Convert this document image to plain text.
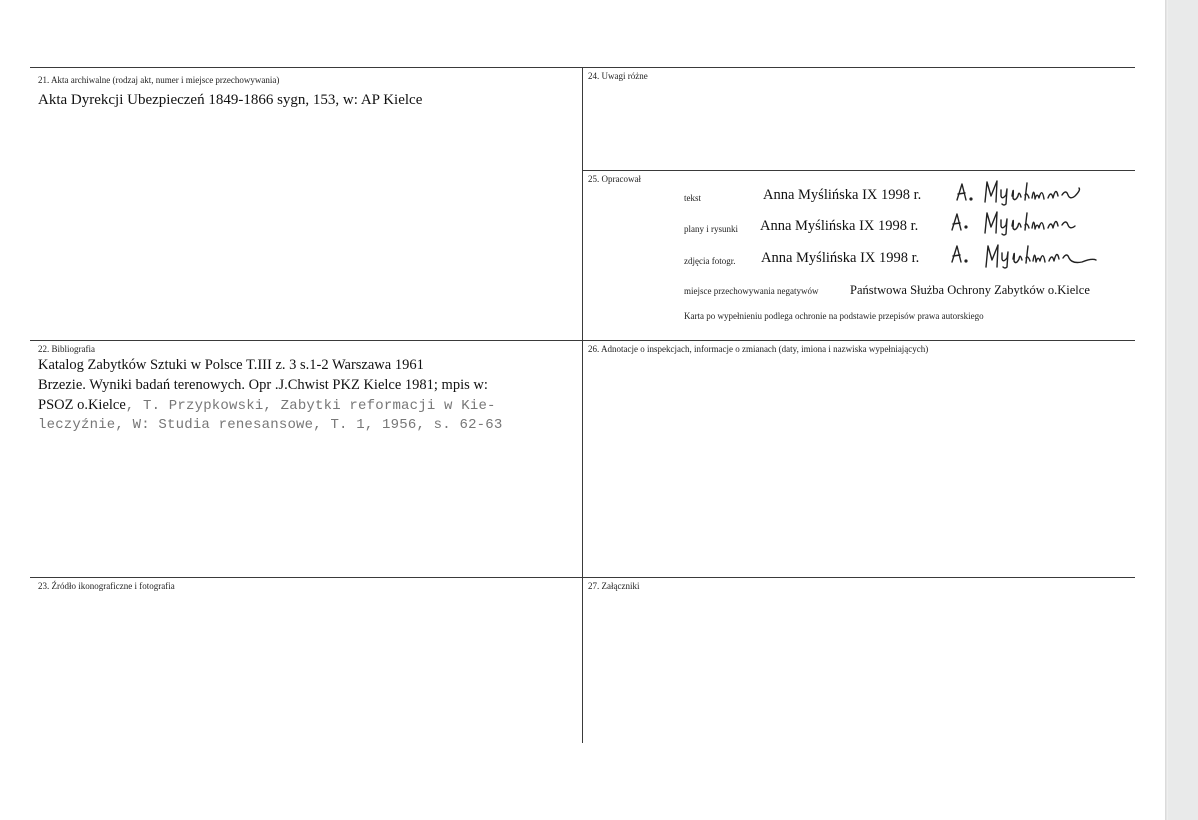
21. Akta archiwalne (rodzaj akt, numer i miejsce przechowywania)
Akta Dyrekcji Ubezpieczeń 1849-1866 sygn, 153, w: AP Kielce
24. Uwagi różne
25. Opracował
tekst	Anna Myślińska IX 1998 r.
plany i rysunki Anna Myślińska IX 1998 r.
zdjęcia fotogr. Anna Myślińska IX 1998 r.
miejsce przechowywania negatywów	Państwowa Służba Ochrony Zabytków o.Kielce
Karta po wypełnieniu podlega ochronie na podstawie przepisów prawa autorskiego
22. Bibliografia
Katalog Zabytków Sztuki w Polsce T.III z. 3 s.1-2 Warszawa 1961
Brzezie. Wyniki badań terenowych. Opr .J.Chwist PKZ Kielce 1981; mpis w:
PSOZ o.Kielce, T. Przypkowski, Zabytki reformacji w Kie-
leczyźnie, W: Studia renesansowe, T. 1, 1956, s. 62-63
26. Adnotacje o inspekcjach, informacje o zmianach (daty, imiona i nazwiska wypełniających)
23. Źródło ikonograficzne i fotografia	27. Załączniki
